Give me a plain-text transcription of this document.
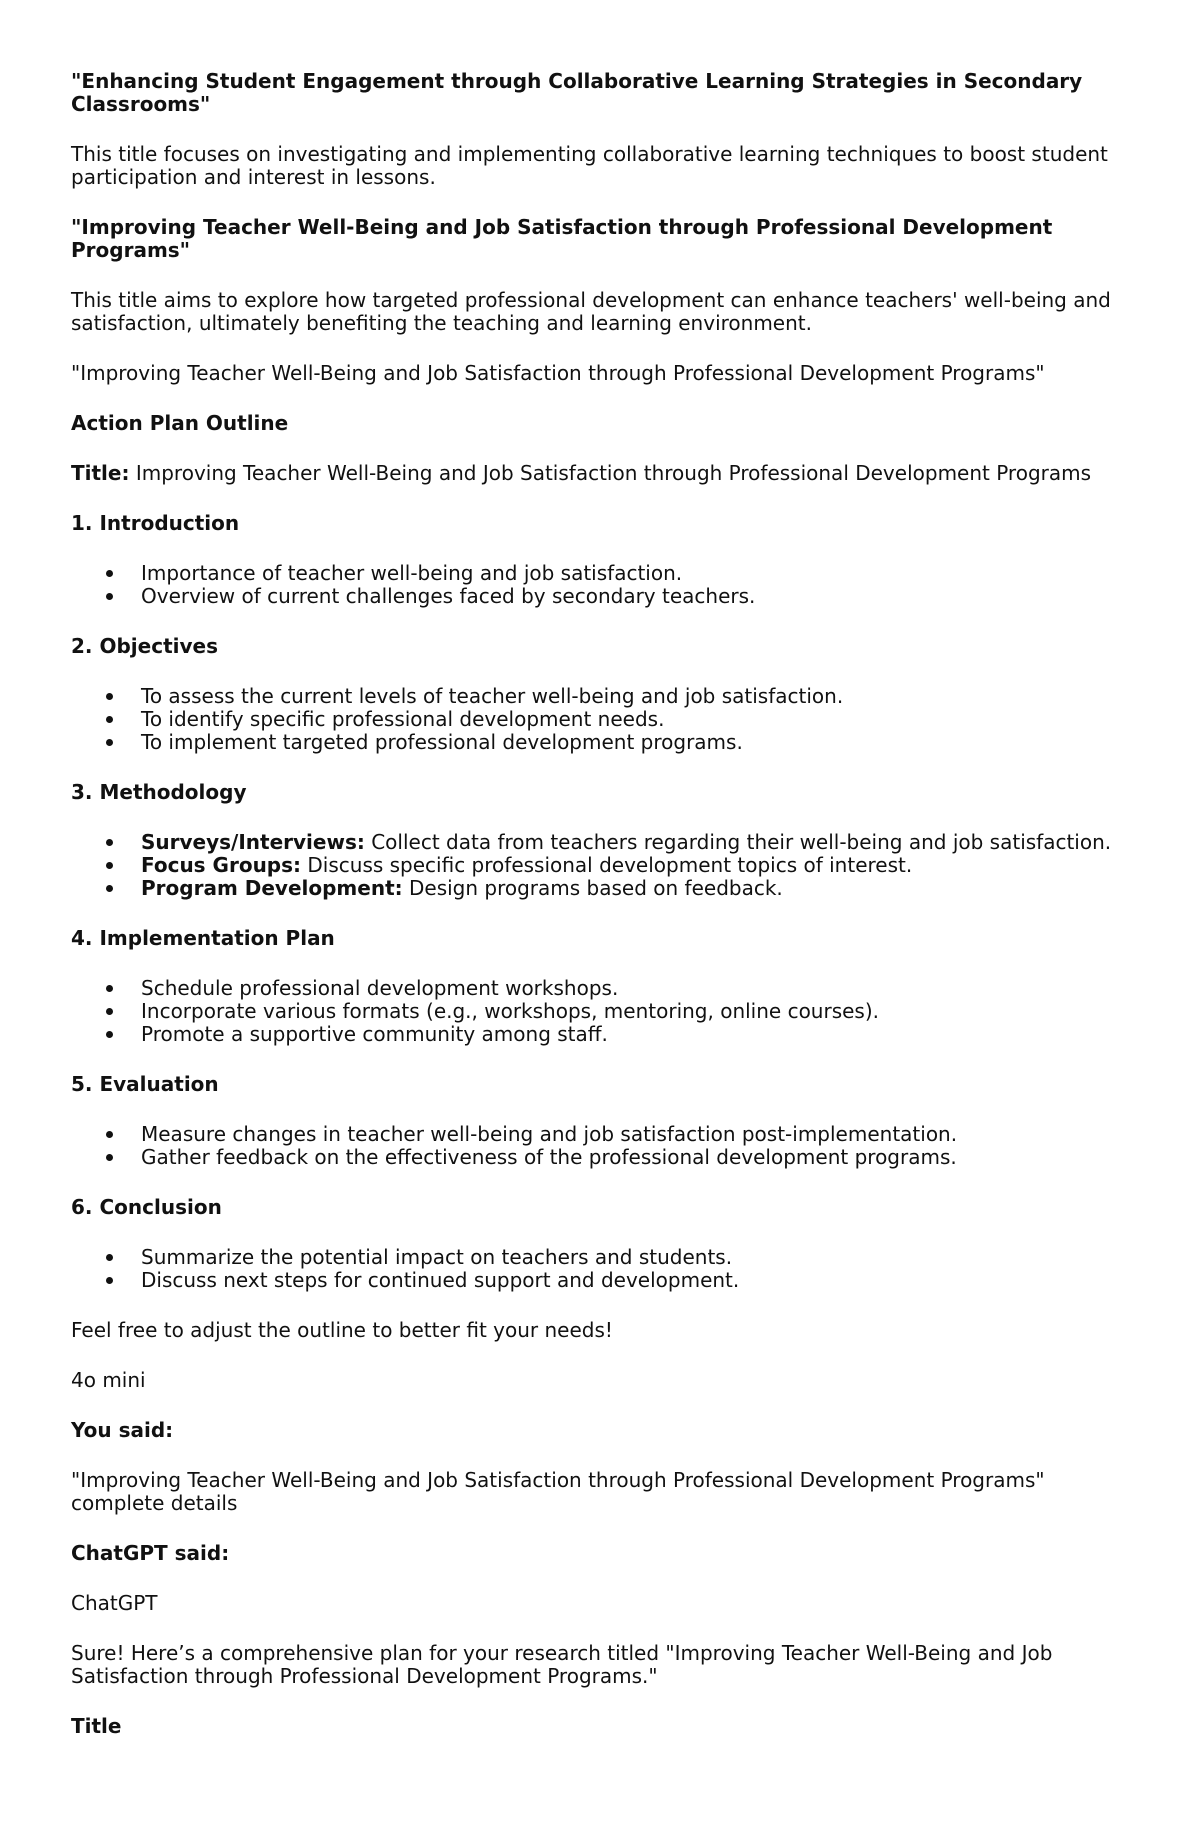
"Enhancing Student Engagement through Collaborative Learning Strategies in Secondary Classrooms"

This title focuses on investigating and implementing collaborative learning techniques to boost student participation and interest in lessons.

"Improving Teacher Well-Being and Job Satisfaction through Professional Development Programs"

This title aims to explore how targeted professional development can enhance teachers' well-being and satisfaction, ultimately benefiting the teaching and learning environment.

"Improving Teacher Well-Being and Job Satisfaction through Professional Development Programs"

Action Plan Outline

Title: Improving Teacher Well-Being and Job Satisfaction through Professional Development Programs

1. Introduction

Importance of teacher well-being and job satisfaction.
Overview of current challenges faced by secondary teachers.

2. Objectives

To assess the current levels of teacher well-being and job satisfaction.
To identify specific professional development needs.
To implement targeted professional development programs.

3. Methodology

Surveys/Interviews: Collect data from teachers regarding their well-being and job satisfaction.
Focus Groups: Discuss specific professional development topics of interest.
Program Development: Design programs based on feedback.

4. Implementation Plan

Schedule professional development workshops.
Incorporate various formats (e.g., workshops, mentoring, online courses).
Promote a supportive community among staff.

5. Evaluation

Measure changes in teacher well-being and job satisfaction post-implementation.
Gather feedback on the effectiveness of the professional development programs.

6. Conclusion

Summarize the potential impact on teachers and students.
Discuss next steps for continued support and development.

Feel free to adjust the outline to better fit your needs!

4o mini

You said:

"Improving Teacher Well-Being and Job Satisfaction through Professional Development Programs" complete details

ChatGPT said:

ChatGPT

Sure! Here’s a comprehensive plan for your research titled "Improving Teacher Well-Being and Job Satisfaction through Professional Development Programs."

Title
